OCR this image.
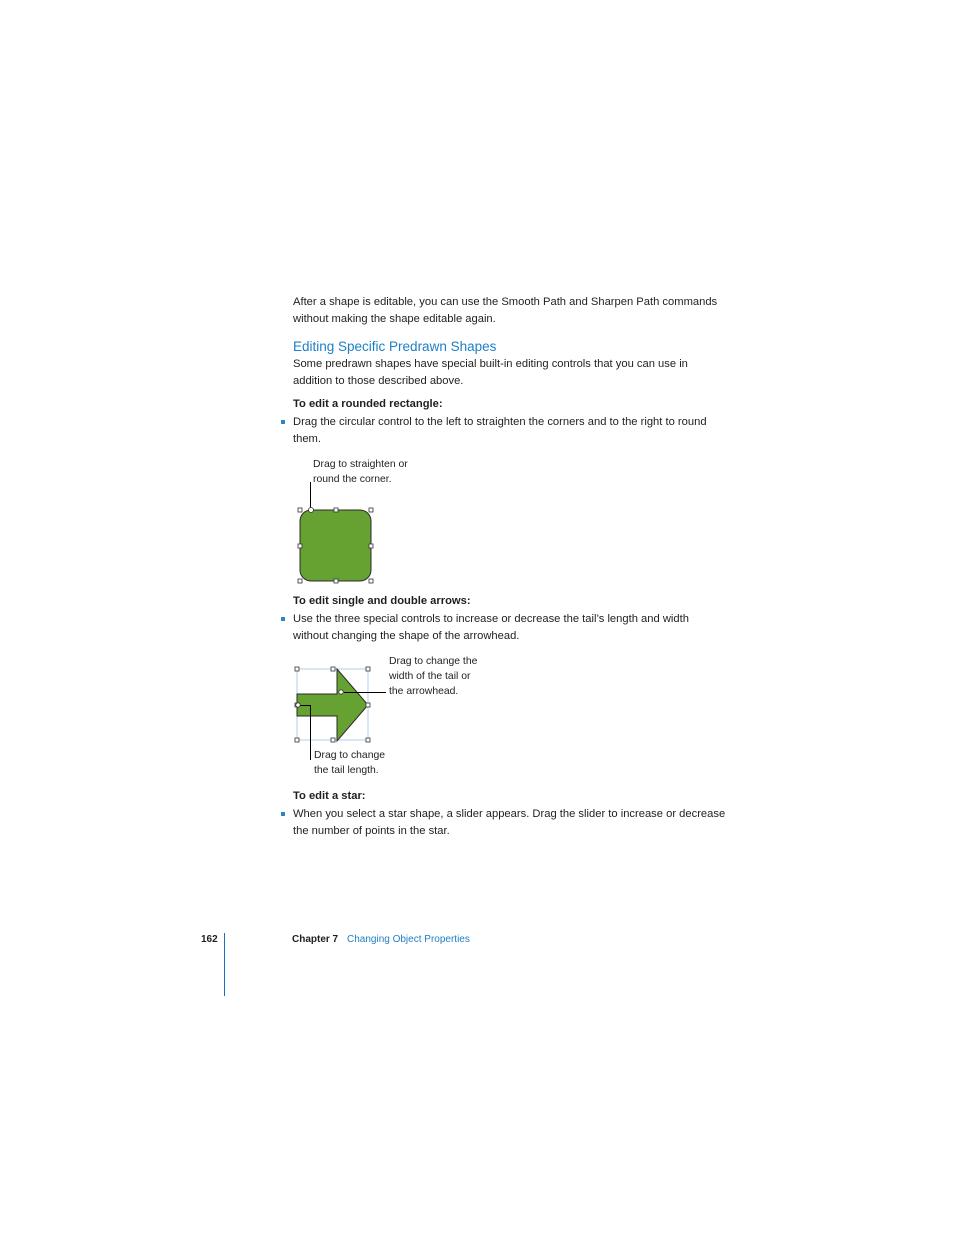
After a shape is editable, you can use the Smooth Path and Sharpen Path commands
without making the shape editable again.
Editing Specific Predrawn Shapes
Some predrawn shapes have special built-in editing controls that you can use in
addition to those described above.
To edit a rounded rectangle:
Drag the circular control to the left to straighten the corners and to the right to round
them.
Drag to straighten or
round the corner.
To edit single and double arrows:
Use the three special controls to increase or decrease the tail’s length and width
without changing the shape of the arrowhead.
Drag to change the
width of the tail or
the arrowhead.
Drag to change
the tail length.
To edit a star:
When you select a star shape, a slider appears. Drag the slider to increase or decrease
the number of points in the star.
162	Chapter 7 Changing Object Properties
